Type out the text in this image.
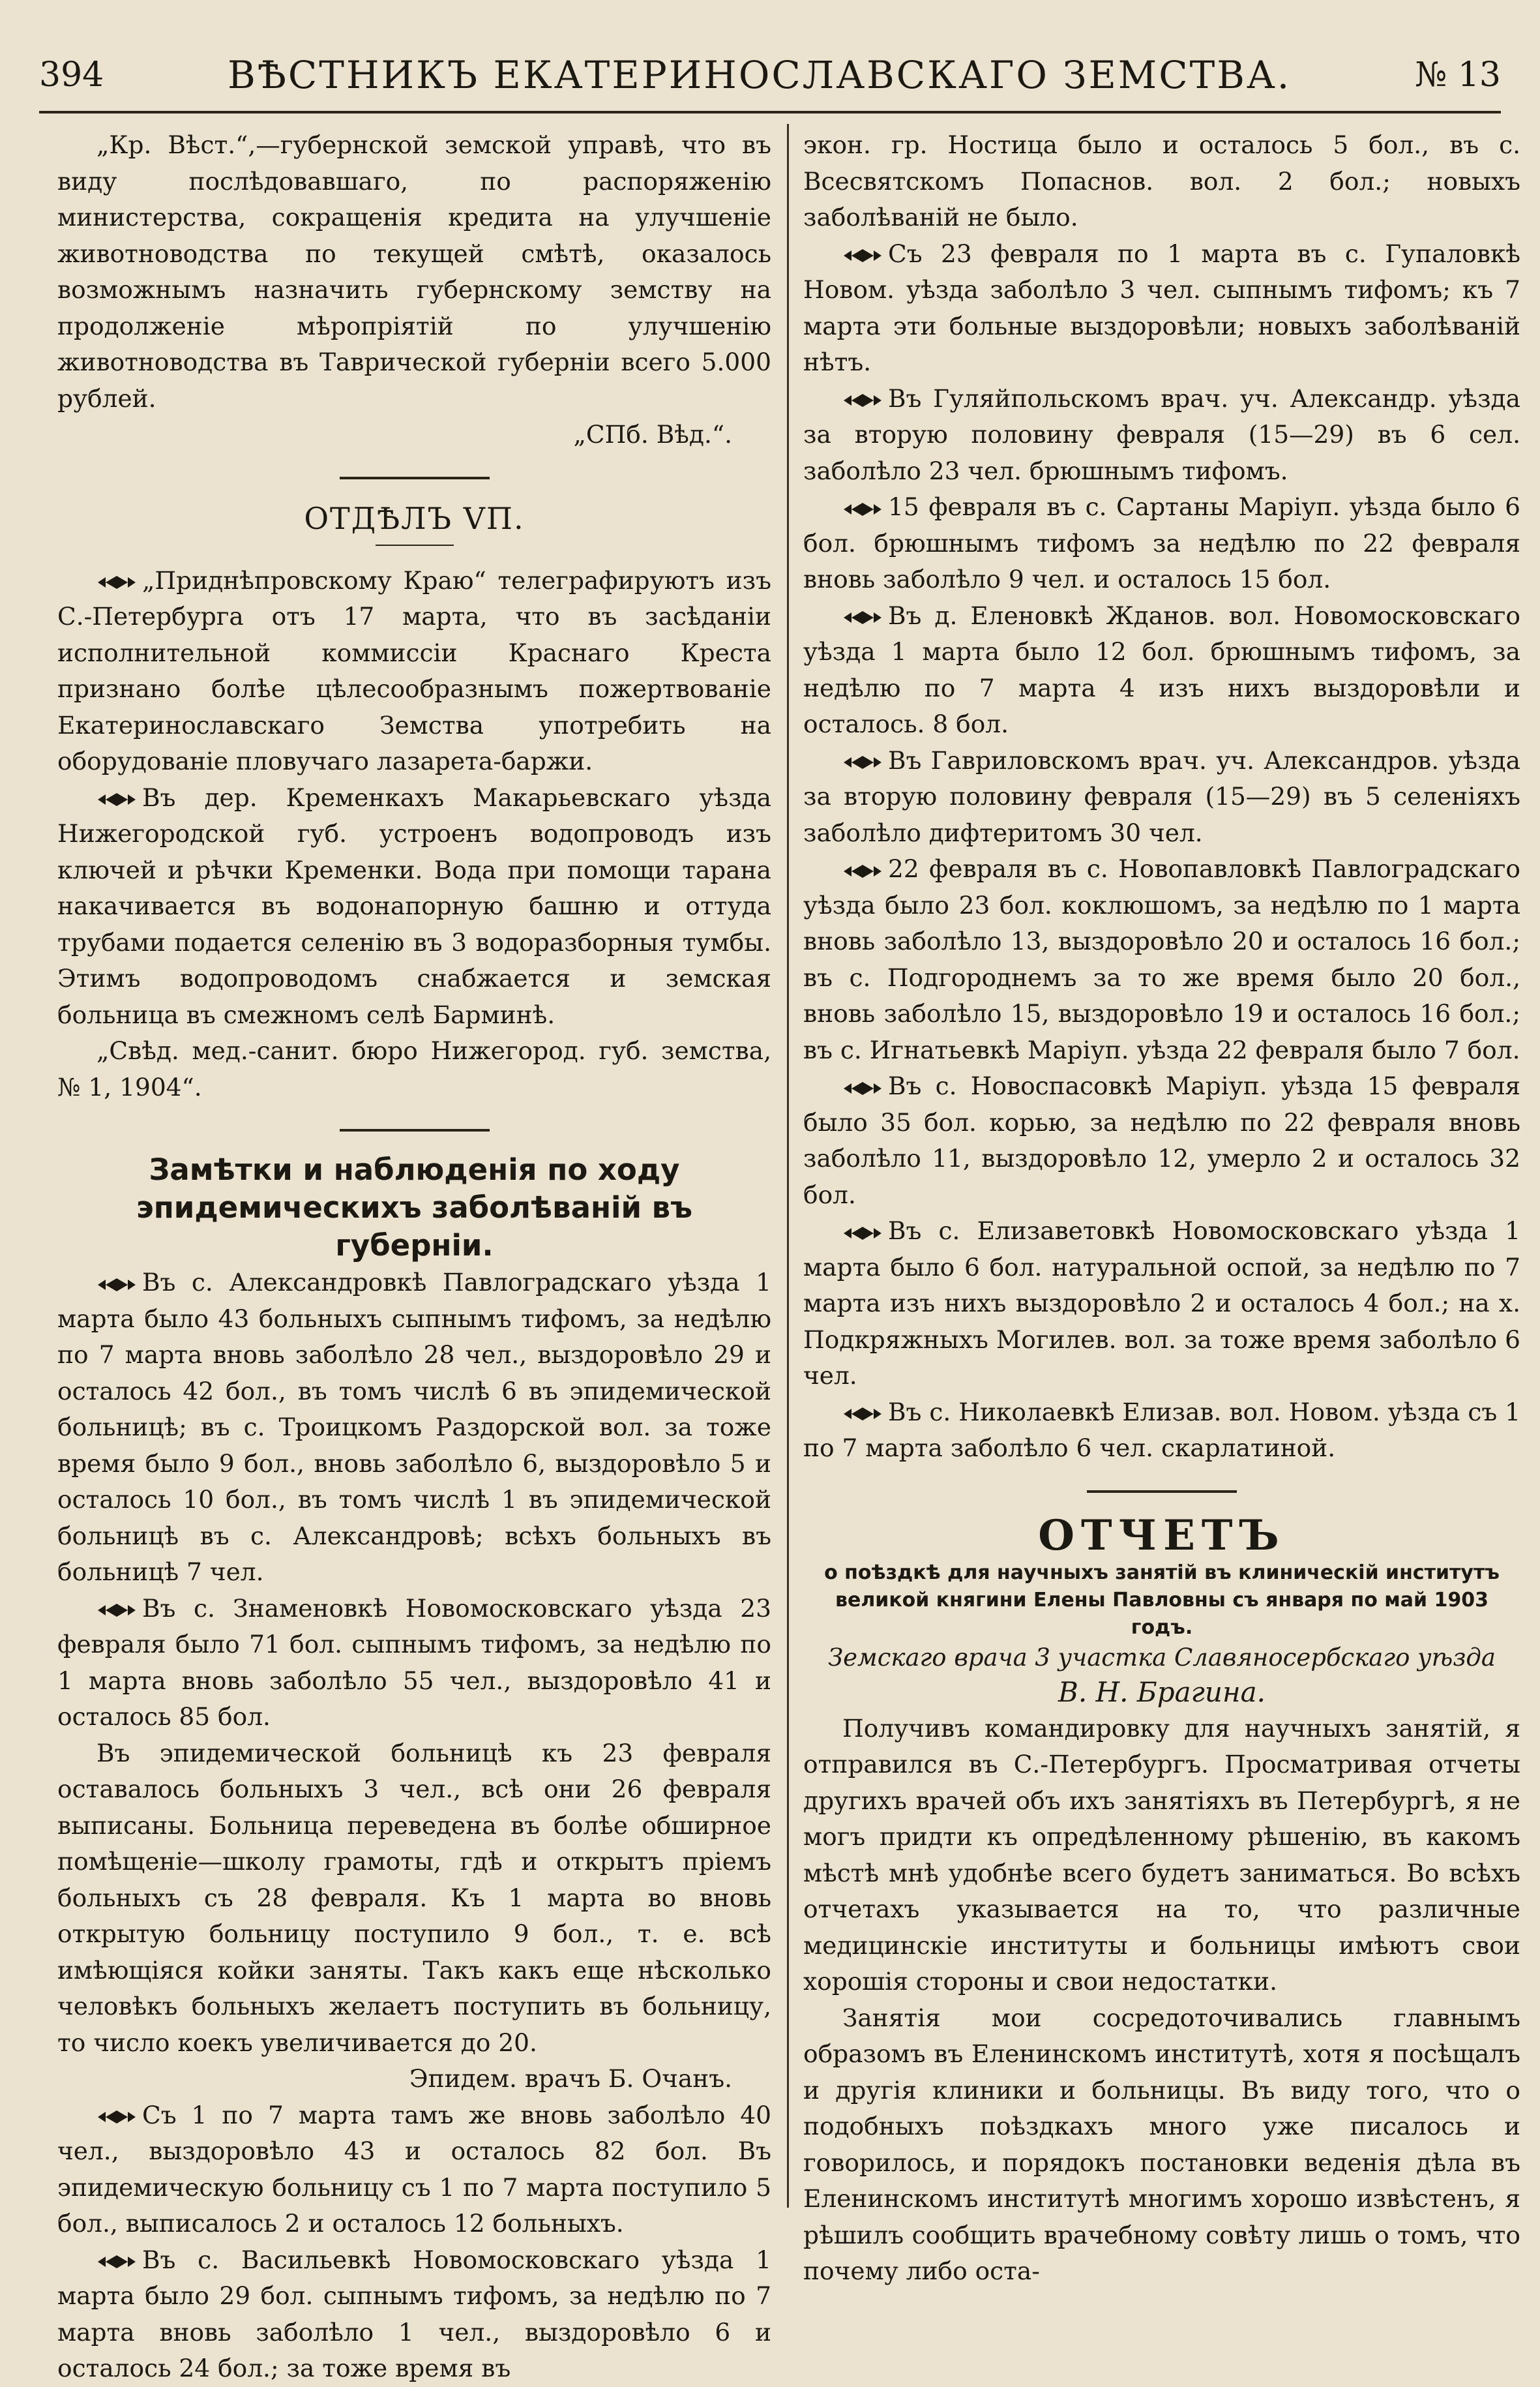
394	ВѢСТНИКЪ ЕКАТЕРИНОСЛАВСКАГО ЗЕМСТВА.	№ 13

„Кр. Вѣст.“,—губернской земской управѣ, что въ виду послѣдовавшаго, по распоряженію министерства, сокращенія кредита на улучшеніе животноводства по текущей смѣтѣ, оказалось возможнымъ назначить губернскому земству на продолженіе мѣропріятій по улучшенію животноводства въ Таврической губерніи всего 5.000 рублей.

„СПб. Вѣд.“.

ОТДѢЛЪ VП.

„Приднѣпровскому Краю“ телеграфируютъ изъ С.-Петербурга отъ 17 марта, что въ засѣданіи исполнительной коммиссіи Краснаго Креста признано болѣе цѣлесообразнымъ пожертвованіе Екатеринославскаго Земства употребить на оборудованіе пловучаго лазарета-баржи.

Въ дер. Кременкахъ Макарьевскаго уѣзда Нижегородской губ. устроенъ водопроводъ изъ ключей и рѣчки Кременки. Вода при помощи тарана накачивается въ водонапорную башню и оттуда трубами подается селенію въ 3 водоразборныя тумбы. Этимъ водопроводомъ снабжается и земская больница въ смежномъ селѣ Барминѣ.

„Свѣд. мед.-санит. бюро Нижегород. губ. земства, № 1, 1904“.

Замѣтки и наблюденія по ходу эпидемическихъ заболѣваній въ губерніи.

Въ с. Александровкѣ Павлоградскаго уѣзда 1 марта было 43 больныхъ сыпнымъ тифомъ, за недѣлю по 7 марта вновь заболѣло 28 чел., выздоровѣло 29 и осталось 42 бол., въ томъ числѣ 6 въ эпидемической больницѣ; въ с. Троицкомъ Раздорской вол. за тоже время было 9 бол., вновь заболѣло 6, выздоровѣло 5 и осталось 10 бол., въ томъ числѣ 1 въ эпидемической больницѣ въ с. Александровѣ; всѣхъ больныхъ въ больницѣ 7 чел.

Въ с. Знаменовкѣ Новомосковскаго уѣзда 23 февраля было 71 бол. сыпнымъ тифомъ, за недѣлю по 1 марта вновь заболѣло 55 чел., выздоровѣло 41 и осталось 85 бол.

Въ эпидемической больницѣ къ 23 февраля оставалось больныхъ 3 чел., всѣ они 26 февраля выписаны. Больница переведена въ болѣе обширное помѣщеніе—школу грамоты, гдѣ и открытъ пріемъ больныхъ съ 28 февраля. Къ 1 марта во вновь открытую больницу поступило 9 бол., т. е. всѣ имѣющіяся койки заняты. Такъ какъ еще нѣсколько человѣкъ больныхъ желаетъ поступить въ больницу, то число коекъ увеличивается до 20.

Эпидем. врачъ Б. Очанъ.

Съ 1 по 7 марта тамъ же вновь заболѣло 40 чел., выздоровѣло 43 и осталось 82 бол. Въ эпидемическую больницу съ 1 по 7 марта поступило 5 бол., выписалось 2 и осталось 12 больныхъ.

Въ с. Васильевкѣ Новомосковскаго уѣзда 1 марта было 29 бол. сыпнымъ тифомъ, за недѣлю по 7 марта вновь заболѣло 1 чел., выздоровѣло 6 и осталось 24 бол.; за тоже время въ

экон. гр. Ностица было и осталось 5 бол., въ с. Всесвятскомъ Попаснов. вол. 2 бол.; новыхъ заболѣваній не было.

Съ 23 февраля по 1 марта въ с. Гупаловкѣ Новом. уѣзда заболѣло 3 чел. сыпнымъ тифомъ; къ 7 марта эти больные выздоровѣли; новыхъ заболѣваній нѣтъ.

Въ Гуляйпольскомъ врач. уч. Александр. уѣзда за вторую половину февраля (15—29) въ 6 сел. заболѣло 23 чел. брюшнымъ тифомъ.

15 февраля въ с. Сартаны Маріуп. уѣзда было 6 бол. брюшнымъ тифомъ за недѣлю по 22 февраля вновь заболѣло 9 чел. и осталось 15 бол.

Въ д. Еленовкѣ Жданов. вол. Новомосковскаго уѣзда 1 марта было 12 бол. брюшнымъ тифомъ, за недѣлю по 7 марта 4 изъ нихъ выздоровѣли и осталось. 8 бол.

Въ Гавриловскомъ врач. уч. Александров. уѣзда за вторую половину февраля (15—29) въ 5 селеніяхъ заболѣло дифтеритомъ 30 чел.

22 февраля въ с. Новопавловкѣ Павлоградскаго уѣзда было 23 бол. коклюшомъ, за недѣлю по 1 марта вновь заболѣло 13, выздоровѣло 20 и осталось 16 бол.; въ с. Подгороднемъ за то же время было 20 бол., вновь заболѣло 15, выздоровѣло 19 и осталось 16 бол.; въ с. Игнатьевкѣ Маріуп. уѣзда 22 февраля было 7 бол.

Въ с. Новоспасовкѣ Маріуп. уѣзда 15 февраля было 35 бол. корью, за недѣлю по 22 февраля вновь заболѣло 11, выздоровѣло 12, умерло 2 и осталось 32 бол.

Въ с. Елизаветовкѣ Новомосковскаго уѣзда 1 марта было 6 бол. натуральной оспой, за недѣлю по 7 марта изъ нихъ выздоровѣло 2 и осталось 4 бол.; на х. Подкряжныхъ Могилев. вол. за тоже время заболѣло 6 чел.

Въ с. Николаевкѣ Елизав. вол. Новом. уѣзда съ 1 по 7 марта заболѣло 6 чел. скарлатиной.

ОТЧЕТЪ

о поѣздкѣ для научныхъ занятій въ клиническій институтъ великой княгини Елены Павловны съ января по май 1903 годъ.

Земскаго врача 3 участка Славяносербскаго уѣзда

В. Н. Брагина.

Получивъ командировку для научныхъ занятій, я отправился въ С.-Петербургъ. Просматривая отчеты другихъ врачей объ ихъ занятіяхъ въ Петербургѣ, я не могъ придти къ опредѣленному рѣшенію, въ какомъ мѣстѣ мнѣ удобнѣе всего будетъ заниматься. Во всѣхъ отчетахъ указывается на то, что различные медицинскіе институты и больницы имѣютъ свои хорошія стороны и свои недостатки.

Занятія мои сосредоточивались главнымъ образомъ въ Еленинскомъ институтѣ, хотя я посѣщалъ и другія клиники и больницы. Въ виду того, что о подобныхъ поѣздкахъ много уже писалось и говорилось, и порядокъ постановки веденія дѣла въ Еленинскомъ институтѣ многимъ хорошо извѣстенъ, я рѣшилъ сообщить врачебному совѣту лишь о томъ, что почему либо оста-
